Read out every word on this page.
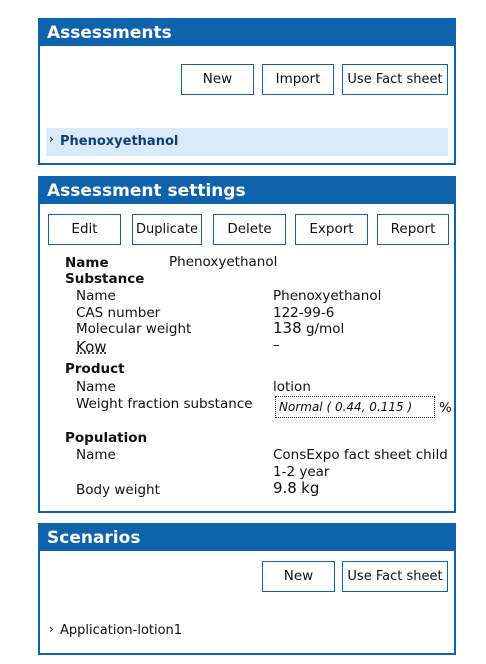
Assessments
New	Import	Use Fact sheet
› Phenoxyethanol
Assessment settings
Edit	Duplicate	Delete	Export	Report
Name	Phenoxyethanol
Substance
Name	Phenoxyethanol
CAS number	122-99-6
Molecular weight	138 g/mol
Kow	–
Product
Name	lotion
Weight fraction substance	Normal ( 0.44, 0.115 )	%
Population
Name	ConsExpo fact sheet child
1-2 year
Body weight	9.8 kg
Scenarios
New	Use Fact sheet
› Application-lotion1
